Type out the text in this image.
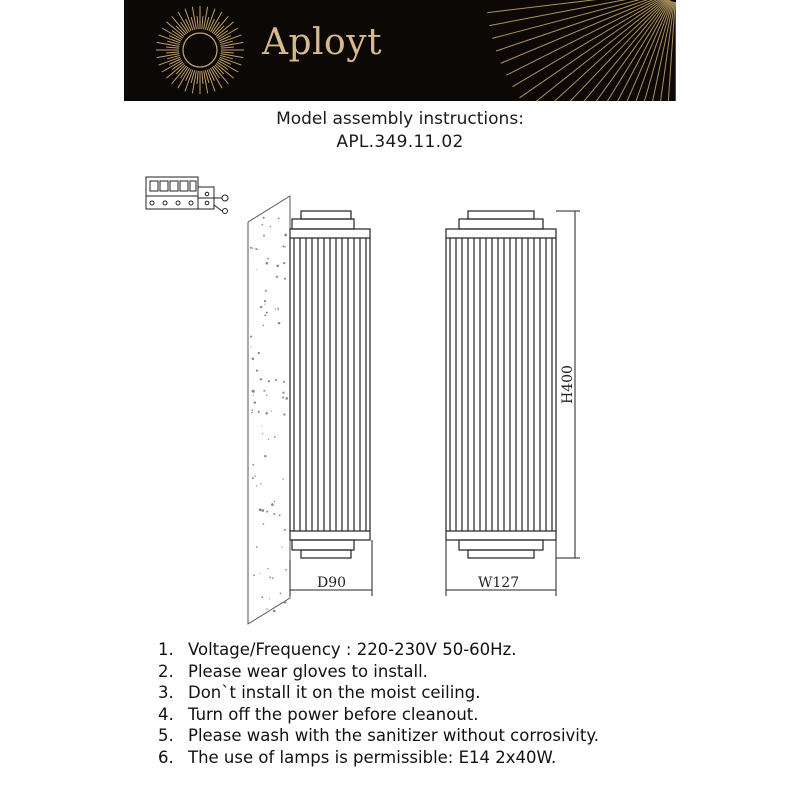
Aployt
Model assembly instructions:
APL.349.11.02
D90	W127
H400
1. Voltage/Frequency : 220-230V 50-60Hz.
2. Please wear gloves to install.
3. Don`t install it on the moist ceiling.
4. Turn off the power before cleanout.
5. Please wash with the sanitizer without corrosivity.
6. The use of lamps is permissible: E14 2x40W.
